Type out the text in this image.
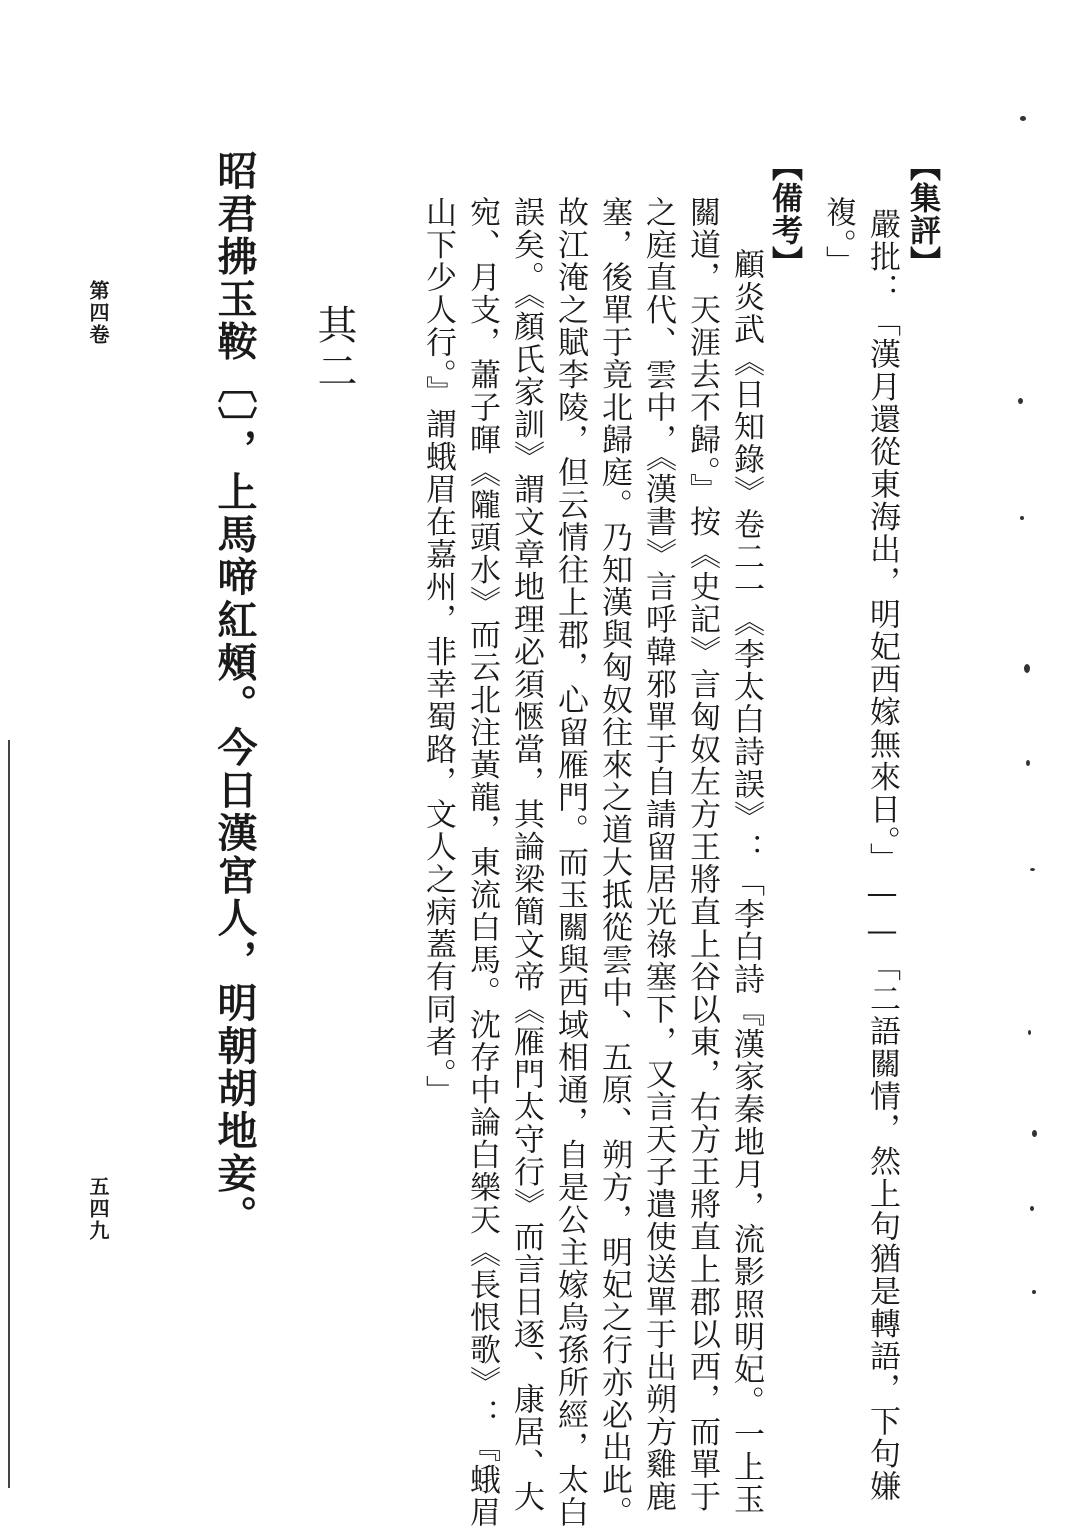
【集評】
嚴批：「漢月還從東海出，明妃西嫁無來日。」——「二語關情，然上句猶是轉語，下句嫌
複。」
【備考】
顧炎武《日知錄》卷二一《李太白詩誤》：「李白詩『漢家秦地月，流影照明妃。一上玉
關道，天涯去不歸。』按《史記》言匈奴左方王將直上谷以東，右方王將直上郡以西，而單于
之庭直代、雲中，《漢書》言呼韓邪單于自請留居光祿塞下，又言天子遣使送單于出朔方雞鹿
塞，後單于竟北歸庭。乃知漢與匈奴往來之道大抵從雲中、五原、朔方，明妃之行亦必出此。
故江淹之賦李陵，但云情往上郡，心留雁門。而玉關與西域相通，自是公主嫁烏孫所經，太白
誤矣。《顏氏家訓》謂文章地理必須愜當，其論梁簡文帝《雁門太守行》而言日逐、康居、大
宛、月支，蕭子暉《隴頭水》而云北注黃龍，東流白馬。沈存中論白樂天《長恨歌》：『蛾眉
山下少人行。』謂蛾眉在嘉州，非幸蜀路，文人之病蓋有同者。」
其二
昭君拂玉鞍〔〕，上馬啼紅頰。今日漢宮人，明朝胡地妾。
第四卷
五四九
